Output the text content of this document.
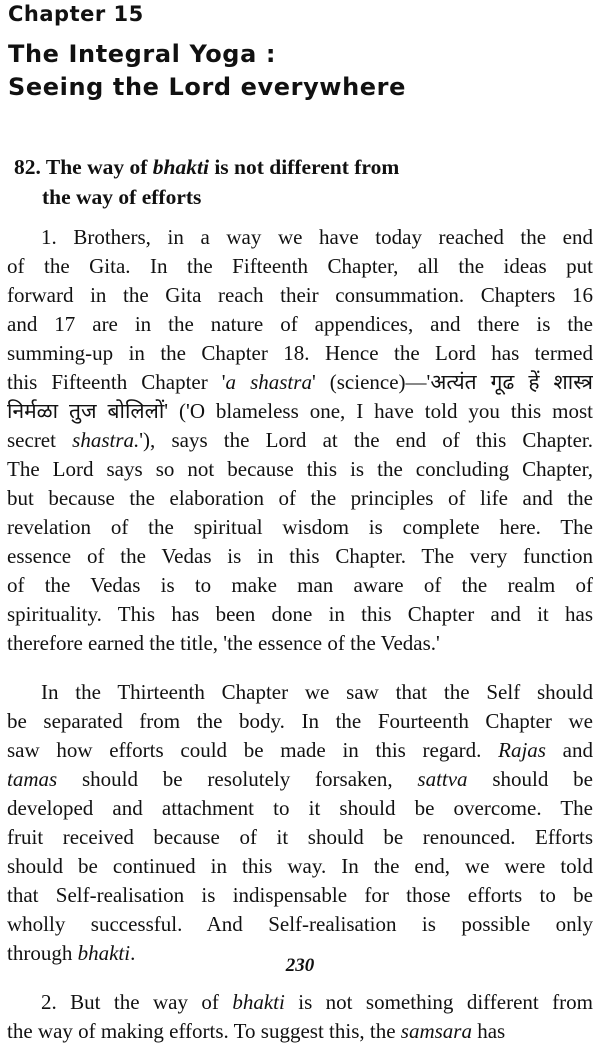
Chapter 15
The Integral Yoga :
Seeing the Lord everywhere
82. The way of bhakti is not different from
the way of efforts
1. Brothers, in a way we have today reached the end
of the Gita. In the Fifteenth Chapter, all the ideas put
forward in the Gita reach their consummation. Chapters 16
and 17 are in the nature of appendices, and there is the
summing-up in the Chapter 18. Hence the Lord has termed
this Fifteenth Chapter 'a shastra' (science)—'अत्यंत गूढ हें शास्त्र
निर्मळा तुज बोलिलों' ('O blameless one, I have told you this most
secret shastra.'), says the Lord at the end of this Chapter.
The Lord says so not because this is the concluding Chapter,
but because the elaboration of the principles of life and the
revelation of the spiritual wisdom is complete here. The
essence of the Vedas is in this Chapter. The very function
of the Vedas is to make man aware of the realm of
spirituality. This has been done in this Chapter and it has
therefore earned the title, 'the essence of the Vedas.'
In the Thirteenth Chapter we saw that the Self should
be separated from the body. In the Fourteenth Chapter we
saw how efforts could be made in this regard. Rajas and
tamas should be resolutely forsaken, sattva should be
developed and attachment to it should be overcome. The
fruit received because of it should be renounced. Efforts
should be continued in this way. In the end, we were told
that Self-realisation is indispensable for those efforts to be
wholly successful. And Self-realisation is possible only
through bhakti.
2. But the way of bhakti is not something different from
the way of making efforts. To suggest this, the samsara has
230
